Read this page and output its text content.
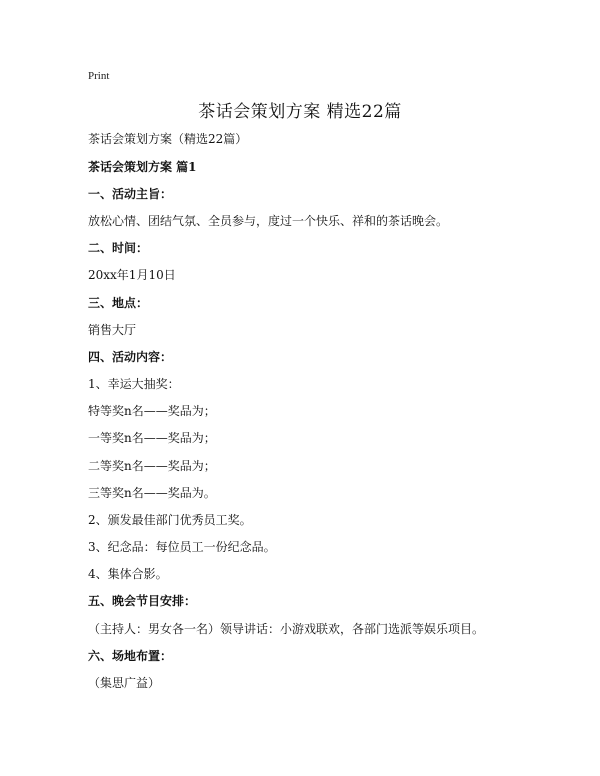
Print
茶话会策划方案 精选22篇
茶话会策划方案（精选22篇）
茶话会策划方案 篇1
一、活动主旨：
放松心情、团结气氛、全员参与，度过一个快乐、祥和的茶话晚会。
二、时间：
20xx年1月10日
三、地点：
销售大厅
四、活动内容：
1、幸运大抽奖：
特等奖n名——奖品为；
一等奖n名——奖品为；
二等奖n名——奖品为；
三等奖n名——奖品为。
2、颁发最佳部门优秀员工奖。
3、纪念品：每位员工一份纪念品。
4、集体合影。
五、晚会节目安排：
（主持人：男女各一名）领导讲话：小游戏联欢，各部门选派等娱乐项目。
六、场地布置：
（集思广益）
